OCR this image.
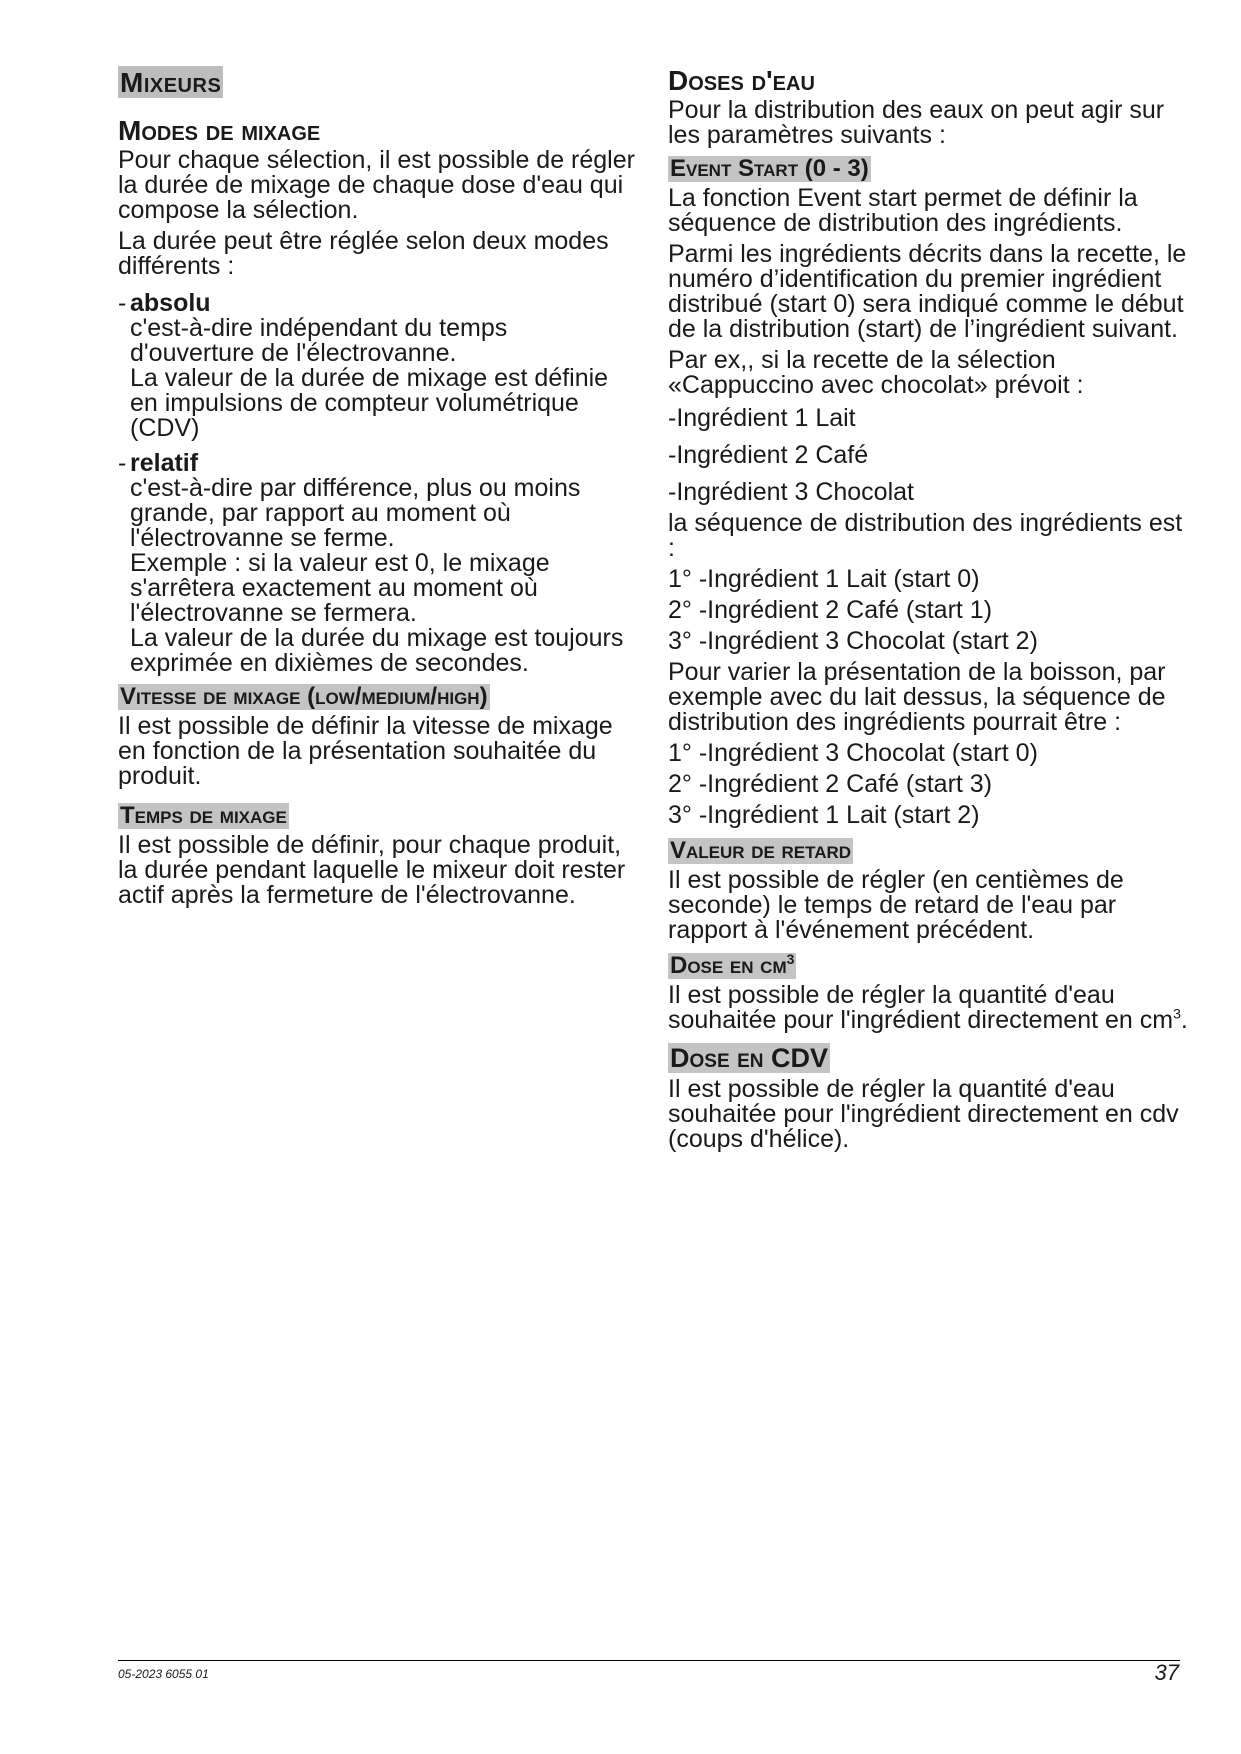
Mixeurs
Modes de mixage

Pour chaque sélection, il est possible de régler la durée de mixage de chaque dose d'eau qui compose la sélection.

La durée peut être réglée selon deux modes différents :

- absolu
c'est-à-dire indépendant du temps d'ouverture de l'électrovanne.
La valeur de la durée de mixage est définie en impulsions de compteur volumétrique (CDV)
- relatif
c'est-à-dire par différence, plus ou moins grande, par rapport au moment où l'électrovanne se ferme.
Exemple : si la valeur est 0, le mixage s'arrêtera exactement au moment où l'électrovanne se fermera.
La valeur de la durée du mixage est toujours exprimée en dixièmes de secondes.
Vitesse de mixage (low/medium/high)

Il est possible de définir la vitesse de mixage en fonction de la présentation souhaitée du produit.

Temps de mixage

Il est possible de définir, pour chaque produit, la durée pendant laquelle le mixeur doit rester actif après la fermeture de l'électrovanne.

Doses d'eau

Pour la distribution des eaux on peut agir sur les paramètres suivants :

Event Start (0 - 3)

La fonction Event start permet de définir la séquence de distribution des ingrédients.

Parmi les ingrédients décrits dans la recette, le numéro d’identification du premier ingrédient distribué (start 0) sera indiqué comme le début de la distribution (start) de l’ingrédient suivant.

Par ex,, si la recette de la sélection «Cappuccino avec chocolat» prévoit :

-Ingrédient 1 Lait

-Ingrédient 2 Café

-Ingrédient 3 Chocolat

la séquence de distribution des ingrédients est :

1° -Ingrédient 1 Lait (start 0)

2° -Ingrédient 2 Café (start 1)

3° -Ingrédient 3 Chocolat (start 2)

Pour varier la présentation de la boisson, par exemple avec du lait dessus, la séquence de distribution des ingrédients pourrait être :

1° -Ingrédient 3 Chocolat (start 0)

2° -Ingrédient 2 Café (start 3)

3° -Ingrédient 1 Lait (start 2)

Valeur de retard

Il est possible de régler (en centièmes de seconde) le temps de retard de l'eau par rapport à l'événement précédent.

Dose en $cm^3$

Il est possible de régler la quantité d'eau souhaitée pour l'ingrédient directement en $cm^3$.

Dose en CDV

Il est possible de régler la quantité d'eau souhaitée pour l'ingrédient directement en cdv (coups d'hélice).

05-2023 6055 01	37
